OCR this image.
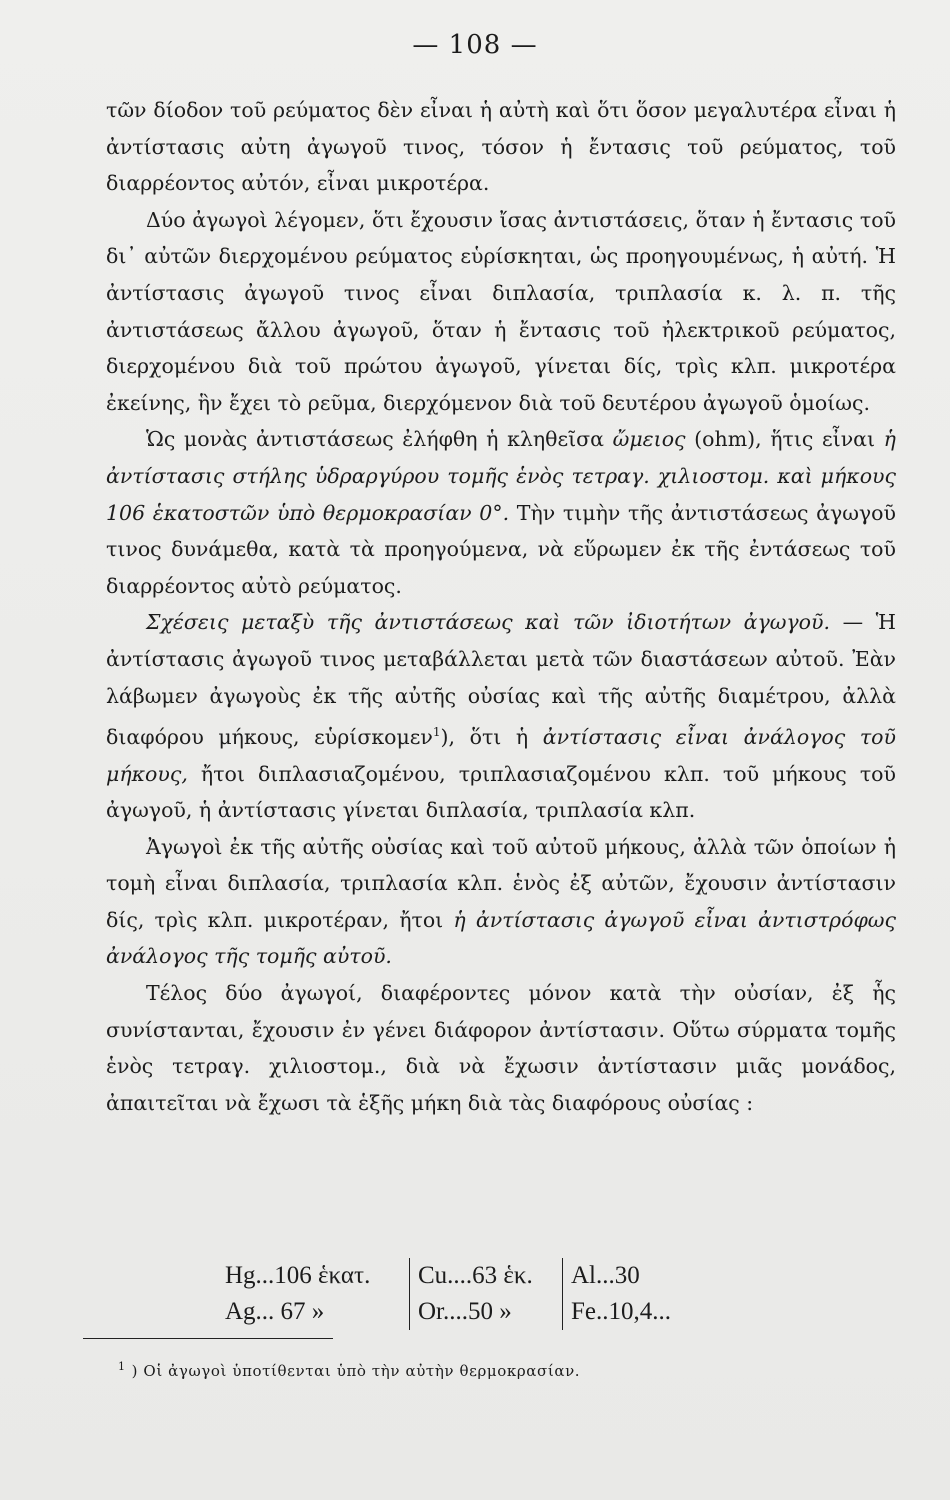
— 108 —

τῶν δίοδον τοῦ ρεύματος δὲν εἶναι ἡ αὐτὴ καὶ ὅτι ὅσον μεγαλυτέρα εἶναι ἡ ἀντίστασις αὐτη ἀγωγοῦ τινος, τόσον ἡ ἔντασις τοῦ ρεύματος, τοῦ διαρρέοντος αὐτόν, εἶναι μικροτέρα.

Δύο ἀγωγοὶ λέγομεν, ὅτι ἔχουσιν ἴσας ἀντιστάσεις, ὅταν ἡ ἔντασις τοῦ δι᾿ αὐτῶν διερχομένου ρεύματος εὑρίσκηται, ὡς προηγουμένως, ἡ αὐτή. Ἡ ἀντίστασις ἀγωγοῦ τινος εἶναι διπλασία, τριπλασία κ. λ. π. τῆς ἀντιστάσεως ἄλλου ἀγωγοῦ, ὅταν ἡ ἔντασις τοῦ ἠλεκτρικοῦ ρεύματος, διερχομένου διὰ τοῦ πρώτου ἀγωγοῦ, γίνεται δίς, τρὶς κλπ. μικροτέρα ἐκείνης, ἣν ἔχει τὸ ρεῦμα, διερχόμενον διὰ τοῦ δευτέρου ἀγωγοῦ ὁμοίως.

Ὡς μονὰς ἀντιστάσεως ἐλήφθη ἡ κληθεῖσα ὤμειος (ohm), ἥτις εἶναι ἡ ἀντίστασις στήλης ὑδραργύρου τομῆς ἑνὸς τετραγ. χιλιοστομ. καὶ μήκους 106 ἑκατοστῶν ὑπὸ θερμοκρασίαν 0°. Τὴν τιμὴν τῆς ἀντιστάσεως ἀγωγοῦ τινος δυνάμεθα, κατὰ τὰ προηγούμενα, νὰ εὕρωμεν ἐκ τῆς ἐντάσεως τοῦ διαρρέοντος αὐτὸ ρεύματος.

Σχέσεις μεταξὺ τῆς ἀντιστάσεως καὶ τῶν ἰδιοτήτων ἀγωγοῦ. — Ἡ ἀντίστασις ἀγωγοῦ τινος μεταβάλλεται μετὰ τῶν διαστάσεων αὐτοῦ. Ἐὰν λάβωμεν ἀγωγοὺς ἐκ τῆς αὐτῆς οὐσίας καὶ τῆς αὐτῆς διαμέτρου, ἀλλὰ διαφόρου μήκους, εὑρίσκομεν$^1$), ὅτι ἡ ἀντίστασις εἶναι ἀνάλογος τοῦ μήκους, ἤτοι διπλασιαζομένου, τριπλασιαζομένου κλπ. τοῦ μήκους τοῦ ἀγωγοῦ, ἡ ἀντίστασις γίνεται διπλασία, τριπλασία κλπ.

Ἀγωγοὶ ἐκ τῆς αὐτῆς οὐσίας καὶ τοῦ αὐτοῦ μήκους, ἀλλὰ τῶν ὁποίων ἡ τομὴ εἶναι διπλασία, τριπλασία κλπ. ἑνὸς ἐξ αὐτῶν, ἔχουσιν ἀντίστασιν δίς, τρὶς κλπ. μικροτέραν, ἤτοι ἡ ἀντίστασις ἀγωγοῦ εἶναι ἀντιστρόφως ἀνάλογος τῆς τομῆς αὐτοῦ.

Τέλος δύο ἀγωγοί, διαφέροντες μόνον κατὰ τὴν οὐσίαν, ἐξ ἧς συνίστανται, ἔχουσιν ἐν γένει διάφορον ἀντίστασιν. Οὕτω σύρματα τομῆς ἑνὸς τετραγ. χιλιοστομ., διὰ νὰ ἔχωσιν ἀντίστασιν μιᾶς μονάδος, ἀπαιτεῖται νὰ ἔχωσι τὰ ἑξῆς μήκη διὰ τὰς διαφόρους οὐσίας :

Hg...106 ἑκατ.	Cu....63 ἑκ.	Al...30
Ag... 67 »	Or....50 »	Fe..10,4...
$^1$ ) Οἱ ἀγωγοὶ ὑποτίθενται ὑπὸ τὴν αὐτὴν θερμοκρασίαν.
